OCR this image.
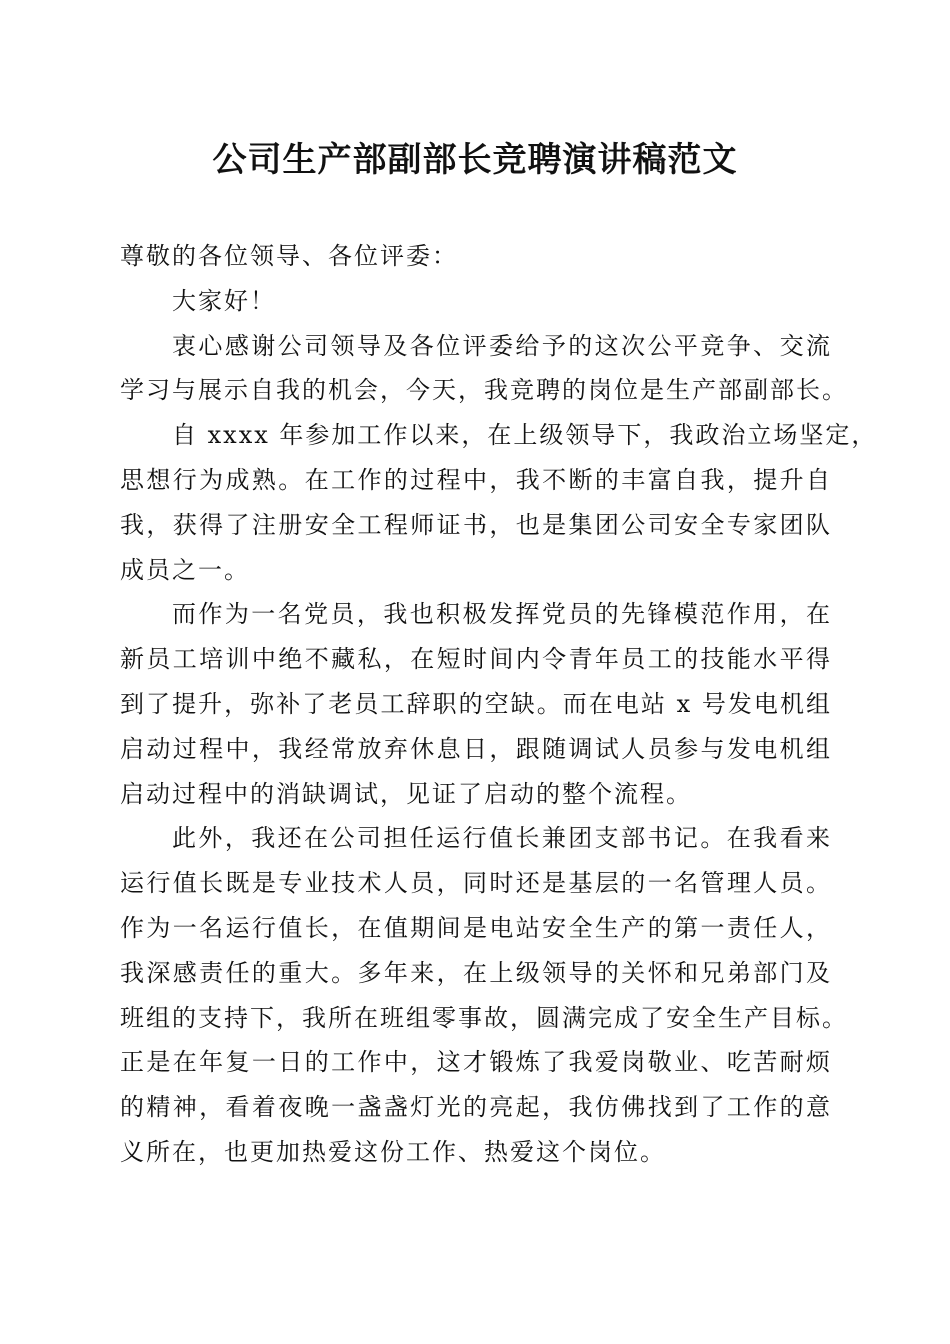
公司生产部副部长竞聘演讲稿范文
尊敬的各位领导、各位评委：
大家好！
衷心感谢公司领导及各位评委给予的这次公平竞争、交流
学习与展示自我的机会，今天，我竞聘的岗位是生产部副部长。
自 xxxx 年参加工作以来，在上级领导下，我政治立场坚定，
思想行为成熟。在工作的过程中，我不断的丰富自我，提升自
我，获得了注册安全工程师证书，也是集团公司安全专家团队
成员之一。
而作为一名党员，我也积极发挥党员的先锋模范作用，在
新员工培训中绝不藏私，在短时间内令青年员工的技能水平得
到了提升，弥补了老员工辞职的空缺。而在电站 x 号发电机组
启动过程中，我经常放弃休息日，跟随调试人员参与发电机组
启动过程中的消缺调试，见证了启动的整个流程。
此外，我还在公司担任运行值长兼团支部书记。在我看来
运行值长既是专业技术人员，同时还是基层的一名管理人员。
作为一名运行值长，在值期间是电站安全生产的第一责任人，
我深感责任的重大。多年来，在上级领导的关怀和兄弟部门及
班组的支持下，我所在班组零事故，圆满完成了安全生产目标。
正是在年复一日的工作中，这才锻炼了我爱岗敬业、吃苦耐烦
的精神，看着夜晚一盏盏灯光的亮起，我仿佛找到了工作的意
义所在，也更加热爱这份工作、热爱这个岗位。
